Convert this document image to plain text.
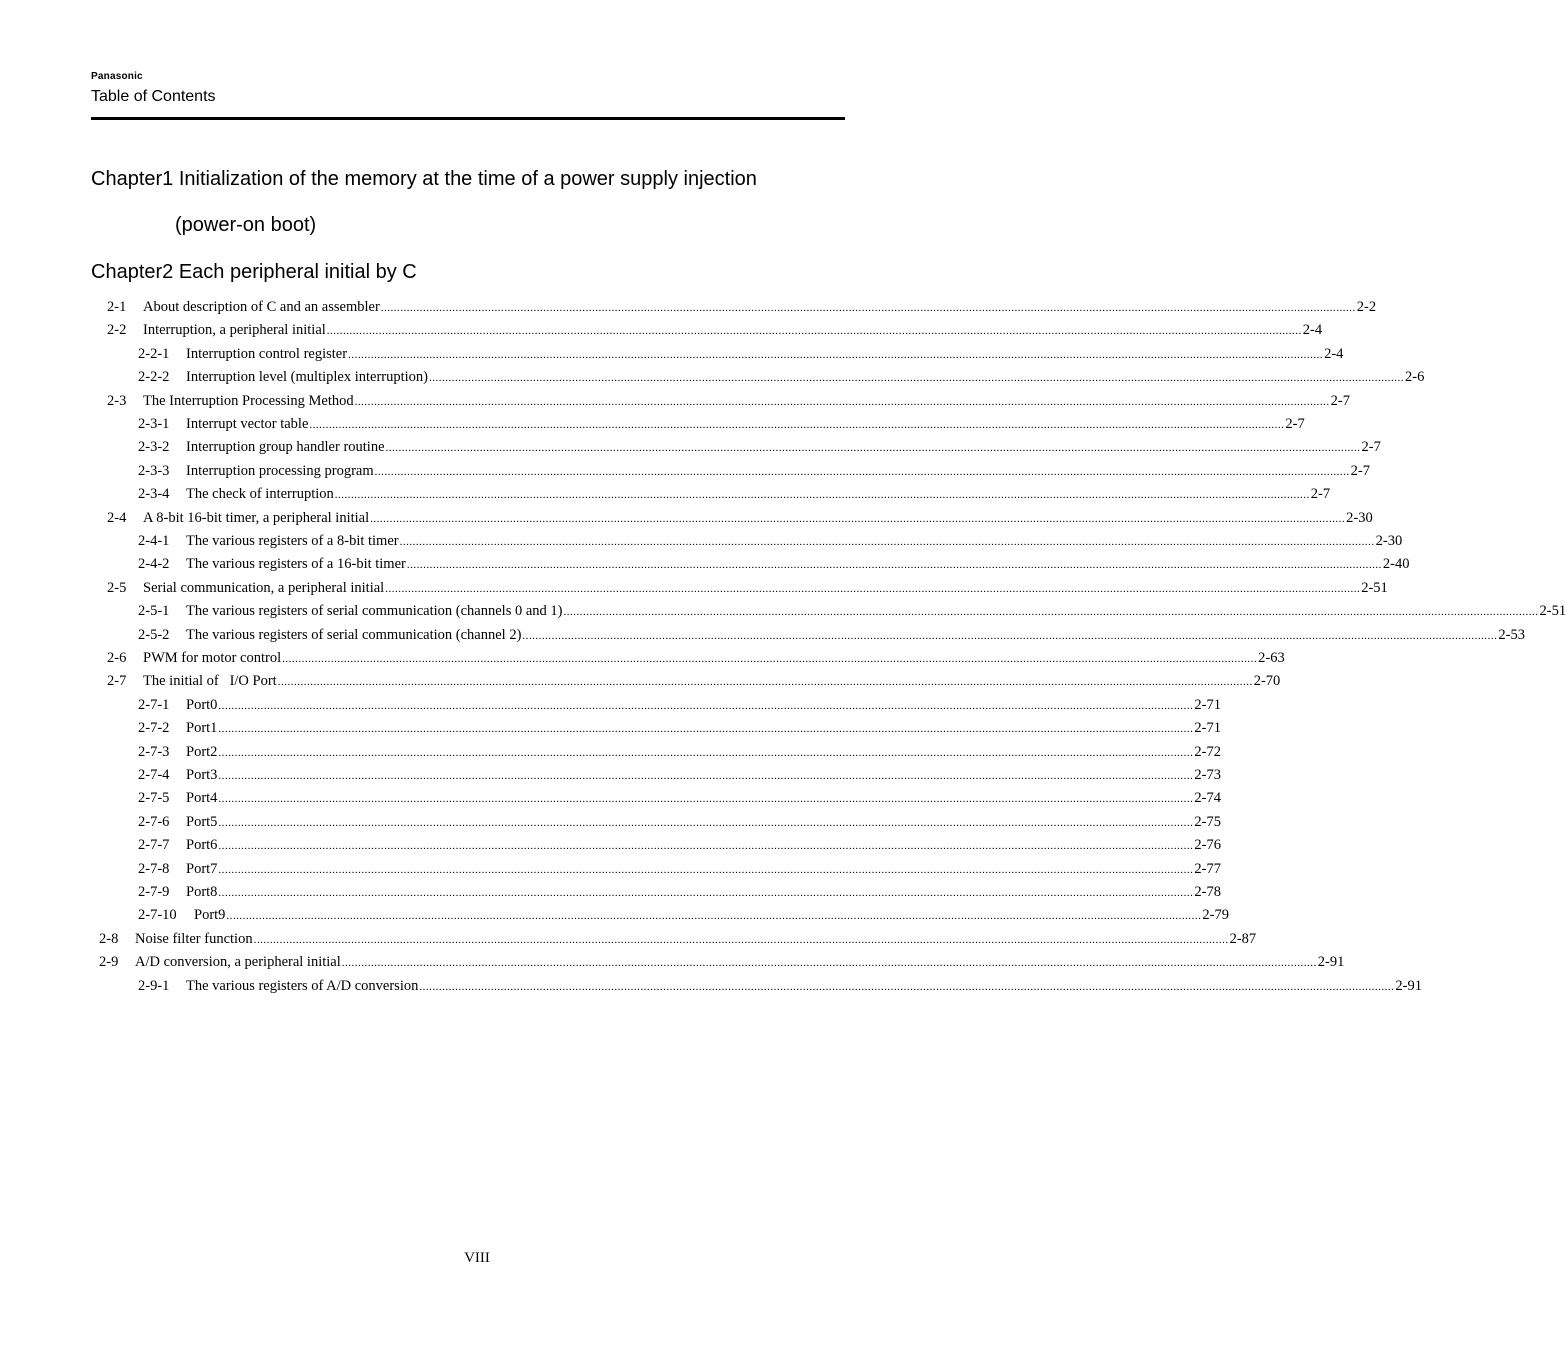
Panasonic
Table of Contents
Chapter1 Initialization of the memory at the time of a power supply injection
(power-on boot)
Chapter2 Each peripheral initial by C
2-1	About description of C and an assembler ............................................................................................................................................................................................................................................................................................................ 2-2
2-2	Interruption, a peripheral initial ............................................................................................................................................................................................................................................................................................................ 2-4
2-2-1	Interruption control register ............................................................................................................................................................................................................................................................................................................ 2-4
2-2-2	Interruption level (multiplex interruption) ............................................................................................................................................................................................................................................................................................................ 2-6
2-3	The Interruption Processing Method ............................................................................................................................................................................................................................................................................................................ 2-7
2-3-1	Interrupt vector table ............................................................................................................................................................................................................................................................................................................ 2-7
2-3-2	Interruption group handler routine ............................................................................................................................................................................................................................................................................................................ 2-7
2-3-3	Interruption processing program ............................................................................................................................................................................................................................................................................................................ 2-7
2-3-4	The check of interruption ............................................................................................................................................................................................................................................................................................................ 2-7
2-4	A 8-bit 16-bit timer, a peripheral initial ............................................................................................................................................................................................................................................................................................................ 2-30
2-4-1	The various registers of a 8-bit timer ............................................................................................................................................................................................................................................................................................................ 2-30
2-4-2	The various registers of a 16-bit timer ............................................................................................................................................................................................................................................................................................................ 2-40
2-5	Serial communication, a peripheral initial ............................................................................................................................................................................................................................................................................................................ 2-51
2-5-1	The various registers of serial communication (channels 0 and 1) ............................................................................................................................................................................................................................................................................................................ 2-51
2-5-2	The various registers of serial communication (channel 2) ............................................................................................................................................................................................................................................................................................................ 2-53
2-6	PWM for motor control ............................................................................................................................................................................................................................................................................................................ 2-63
2-7	The initial of   I/O Port ............................................................................................................................................................................................................................................................................................................ 2-70
2-7-1	Port0 ............................................................................................................................................................................................................................................................................................................ 2-71
2-7-2	Port1 ............................................................................................................................................................................................................................................................................................................ 2-71
2-7-3	Port2 ............................................................................................................................................................................................................................................................................................................ 2-72
2-7-4	Port3 ............................................................................................................................................................................................................................................................................................................ 2-73
2-7-5	Port4 ............................................................................................................................................................................................................................................................................................................ 2-74
2-7-6	Port5 ............................................................................................................................................................................................................................................................................................................ 2-75
2-7-7	Port6 ............................................................................................................................................................................................................................................................................................................ 2-76
2-7-8	Port7 ............................................................................................................................................................................................................................................................................................................ 2-77
2-7-9	Port8 ............................................................................................................................................................................................................................................................................................................ 2-78
2-7-10	Port9 ............................................................................................................................................................................................................................................................................................................ 2-79
2-8	Noise filter function ............................................................................................................................................................................................................................................................................................................ 2-87
2-9	A/D conversion, a peripheral initial ............................................................................................................................................................................................................................................................................................................ 2-91
2-9-1	The various registers of A/D conversion ............................................................................................................................................................................................................................................................................................................ 2-91
VIII
